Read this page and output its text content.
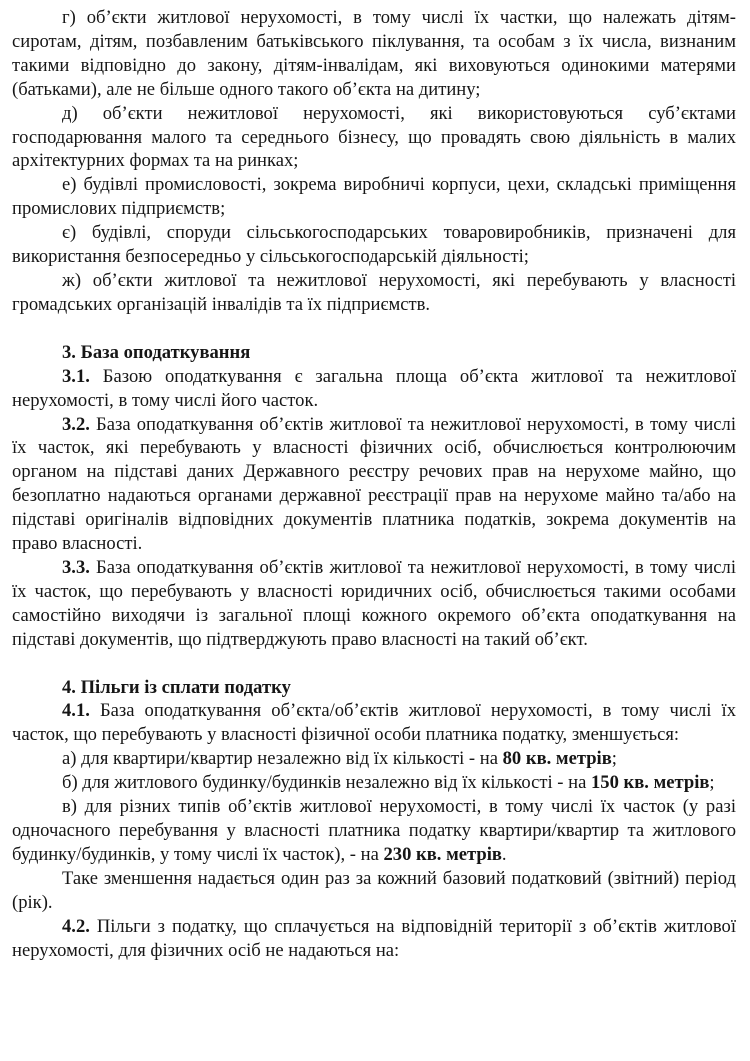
г) об’єкти житлової нерухомості, в тому числі їх частки, що належать дітям-сиротам, дітям, позбавленим батьківського піклування, та особам з їх числа, визнаним такими відповідно до закону, дітям-інвалідам, які виховуються одинокими матерями (батьками), але не більше одного такого об’єкта на дитину;

д) об’єкти нежитлової нерухомості, які використовуються суб’єктами господарювання малого та середнього бізнесу, що провадять свою діяльність в малих архітектурних формах та на ринках;

е) будівлі промисловості, зокрема виробничі корпуси, цехи, складські приміщення промислових підприємств;

є) будівлі, споруди сільськогосподарських товаровиробників, призначені для використання безпосередньо у сільськогосподарській діяльності;

ж) об’єкти житлової та нежитлової нерухомості, які перебувають у власності громадських організацій інвалідів та їх підприємств.

3. База оподаткування

3.1. Базою оподаткування є загальна площа об’єкта житлової та нежитлової нерухомості, в тому числі його часток.

3.2. База оподаткування об’єктів житлової та нежитлової нерухомості, в тому числі їх часток, які перебувають у власності фізичних осіб, обчислюється контролюючим органом на підставі даних Державного реєстру речових прав на нерухоме майно, що безоплатно надаються органами державної реєстрації прав на нерухоме майно та/або на підставі оригіналів відповідних документів платника податків, зокрема документів на право власності.

3.3. База оподаткування об’єктів житлової та нежитлової нерухомості, в тому числі їх часток, що перебувають у власності юридичних осіб, обчислюється такими особами самостійно виходячи із загальної площі кожного окремого об’єкта оподаткування на підставі документів, що підтверджують право власності на такий об’єкт.

4. Пільги із сплати податку

4.1. База оподаткування об’єкта/об’єктів житлової нерухомості, в тому числі їх часток, що перебувають у власності фізичної особи платника податку, зменшується:

а) для квартири/квартир незалежно від їх кількості - на 80 кв. метрів;

б) для житлового будинку/будинків незалежно від їх кількості - на 150 кв. метрів;

в) для різних типів об’єктів житлової нерухомості, в тому числі їх часток (у разі одночасного перебування у власності платника податку квартири/квартир та житлового будинку/будинків, у тому числі їх часток), - на 230 кв. метрів.

Таке зменшення надається один раз за кожний базовий податковий (звітний) період (рік).

4.2. Пільги з податку, що сплачується на відповідній території з об’єктів житлової нерухомості, для фізичних осіб не надаються на:
